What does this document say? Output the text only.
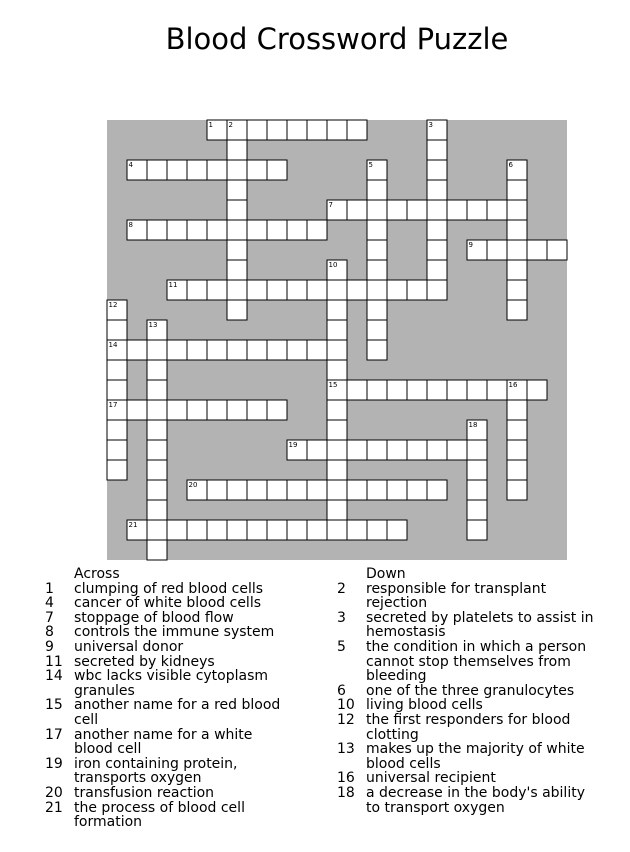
Blood Crossword Puzzle
1
4
7
8
9
11
14
15
17
19
20
21
2	3
5	6
10
12
13
16
18
Across
1	clumping of red blood cells
4	cancer of white blood cells
7	stoppage of blood flow
8	controls the immune system
9	universal donor
11 secreted by kidneys
14 wbc lacks visible cytoplasm granules
15 another name for a red blood cell
17 another name for a white blood cell
19 iron containing protein, transports oxygen
20 transfusion reaction
21 the process of blood cell formation
Down
2	responsible for transplant rejection
3	secreted by platelets to assist in hemostasis
5	the condition in which a person cannot stop themselves from bleeding
6	one of the three granulocytes
10 living blood cells
12 the first responders for blood clotting
13 makes up the majority of white blood cells
16 universal recipient
18 a decrease in the body's ability to transport oxygen
